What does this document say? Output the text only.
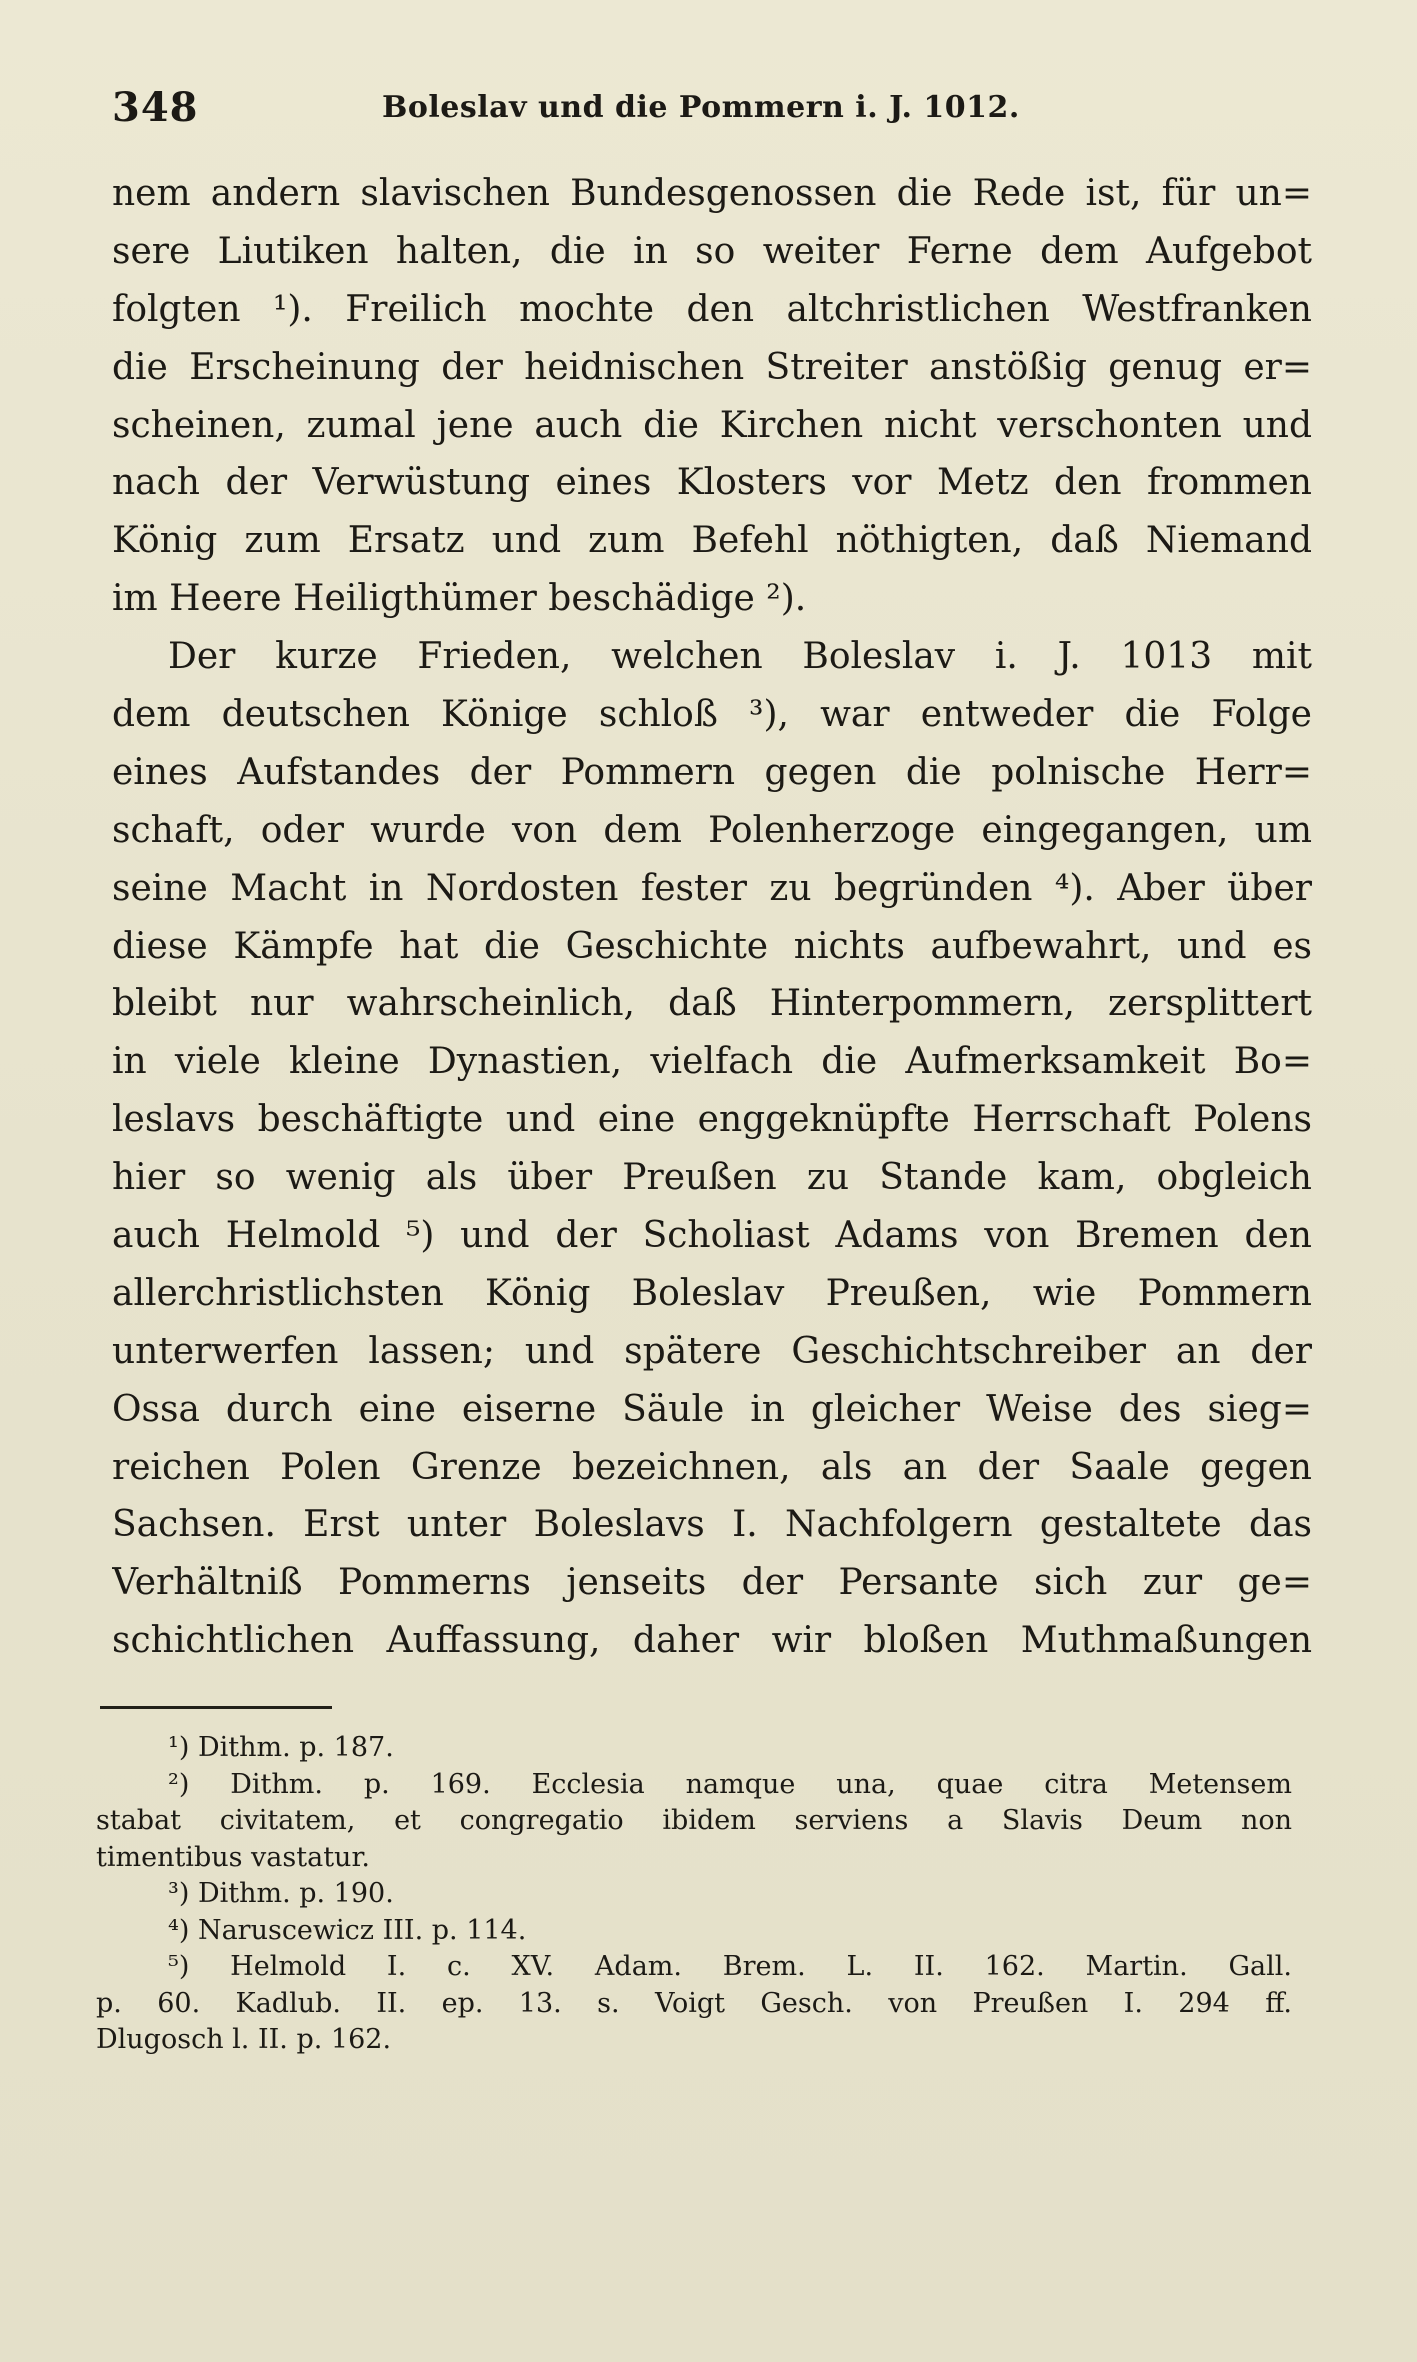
348	Boleslav und die Pommern i. J. 1012.
nem andern slavischen Bundesgenossen die Rede ist, für un=
sere Liutiken halten, die in so weiter Ferne dem Aufgebot
folgten ¹). Freilich mochte den altchristlichen Westfranken
die Erscheinung der heidnischen Streiter anstößig genug er=
scheinen, zumal jene auch die Kirchen nicht verschonten und
nach der Verwüstung eines Klosters vor Metz den frommen
König zum Ersatz und zum Befehl nöthigten, daß Niemand
im Heere Heiligthümer beschädige ²).
Der kurze Frieden, welchen Boleslav i. J. 1013 mit
dem deutschen Könige schloß ³), war entweder die Folge
eines Aufstandes der Pommern gegen die polnische Herr=
schaft, oder wurde von dem Polenherzoge eingegangen, um
seine Macht in Nordosten fester zu begründen ⁴). Aber über
diese Kämpfe hat die Geschichte nichts aufbewahrt, und es
bleibt nur wahrscheinlich, daß Hinterpommern, zersplittert
in viele kleine Dynastien, vielfach die Aufmerksamkeit Bo=
leslavs beschäftigte und eine enggeknüpfte Herrschaft Polens
hier so wenig als über Preußen zu Stande kam, obgleich
auch Helmold ⁵) und der Scholiast Adams von Bremen den
allerchristlichsten König Boleslav Preußen, wie Pommern
unterwerfen lassen; und spätere Geschichtschreiber an der
Ossa durch eine eiserne Säule in gleicher Weise des sieg=
reichen Polen Grenze bezeichnen, als an der Saale gegen
Sachsen. Erst unter Boleslavs I. Nachfolgern gestaltete das
Verhältniß Pommerns jenseits der Persante sich zur ge=
schichtlichen Auffassung, daher wir bloßen Muthmaßungen
¹) Dithm. p. 187.
²) Dithm. p. 169. Ecclesia namque una, quae citra Metensem
stabat civitatem, et congregatio ibidem serviens a Slavis Deum non
timentibus vastatur.
³) Dithm. p. 190.
⁴) Naruscewicz III. p. 114.
⁵) Helmold I. c. XV. Adam. Brem. L. II. 162. Martin. Gall.
p. 60. Kadlub. II. ep. 13. s. Voigt Gesch. von Preußen I. 294 ff.
Dlugosch l. II. p. 162.
